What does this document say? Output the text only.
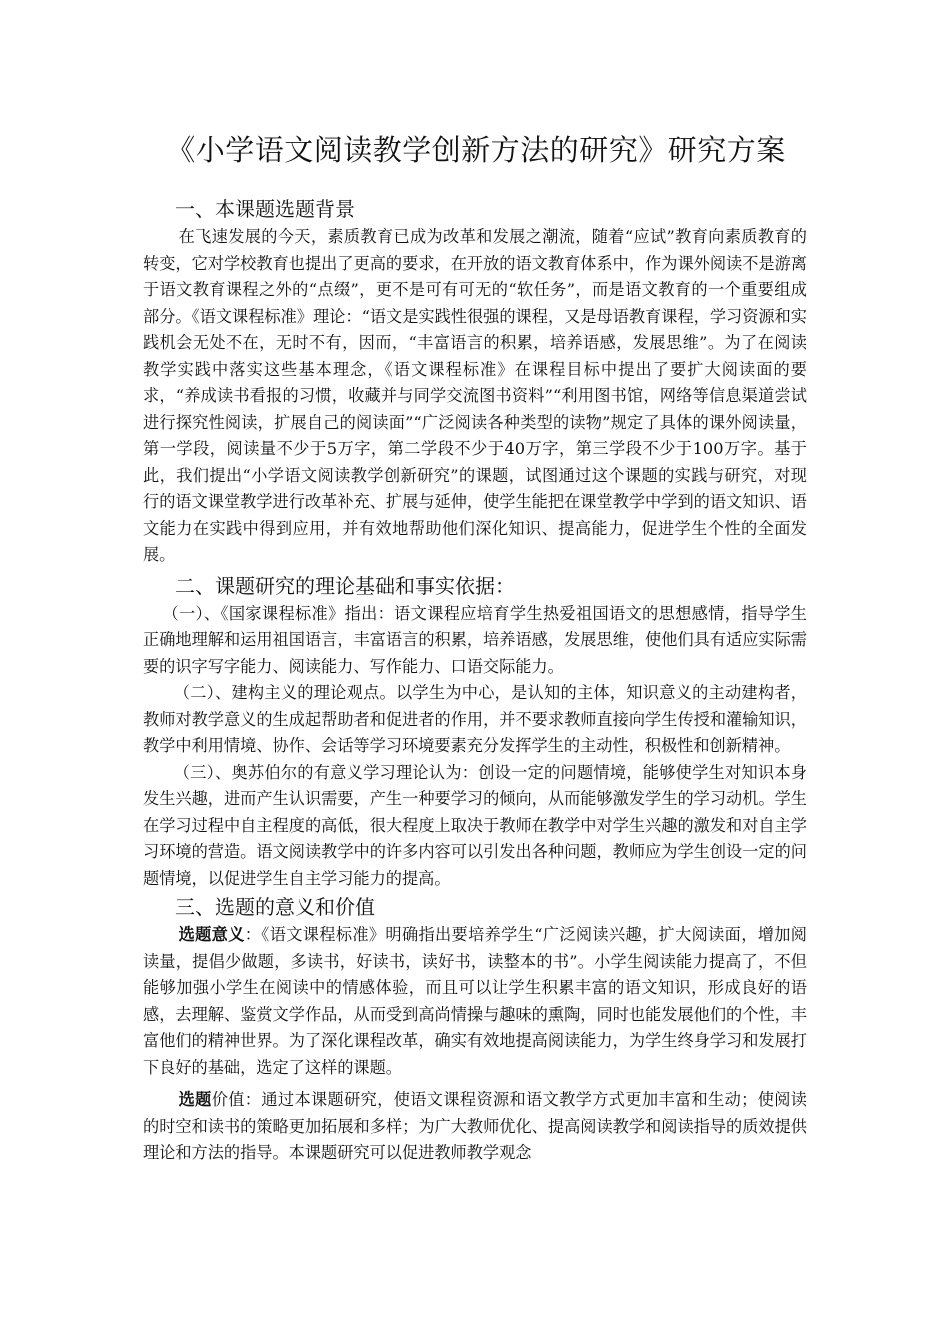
《小学语文阅读教学创新方法的研究》研究方案
一、本课题选题背景

在飞速发展的今天，素质教育已成为改革和发展之潮流，随着“应试”教育向素质教育的转变，它对学校教育也提出了更高的要求，在开放的语文教育体系中，作为课外阅读不是游离于语文教育课程之外的“点缀”，更不是可有可无的“软任务”，而是语文教育的一个重要组成部分。《语文课程标准》理论：“语文是实践性很强的课程，又是母语教育课程，学习资源和实践机会无处不在，无时不有，因而，“丰富语言的积累，培养语感，发展思维”。为了在阅读教学实践中落实这些基本理念，《语文课程标准》在课程目标中提出了要扩大阅读面的要求，“养成读书看报的习惯，收藏并与同学交流图书资料”“利用图书馆，网络等信息渠道尝试进行探究性阅读，扩展自己的阅读面”“广泛阅读各种类型的读物”规定了具体的课外阅读量，第一学段，阅读量不少于5万字，第二学段不少于40万字，第三学段不少于100万字。基于此，我们提出“小学语文阅读教学创新研究”的课题，试图通过这个课题的实践与研究，对现行的语文课堂教学进行改革补充、扩展与延伸，使学生能把在课堂教学中学到的语文知识、语文能力在实践中得到应用，并有效地帮助他们深化知识、提高能力，促进学生个性的全面发展。

二、课题研究的理论基础和事实依据：

（一）、《国家课程标准》指出：语文课程应培育学生热爱祖国语文的思想感情，指导学生正确地理解和运用祖国语言，丰富语言的积累，培养语感，发展思维，使他们具有适应实际需要的识字写字能力、阅读能力、写作能力、口语交际能力。

（二）、建构主义的理论观点。以学生为中心，是认知的主体，知识意义的主动建构者，教师对教学意义的生成起帮助者和促进者的作用，并不要求教师直接向学生传授和灌输知识，教学中利用情境、协作、会话等学习环境要素充分发挥学生的主动性，积极性和创新精神。

（三）、奥苏伯尔的有意义学习理论认为：创设一定的问题情境，能够使学生对知识本身发生兴趣，进而产生认识需要，产生一种要学习的倾向，从而能够激发学生的学习动机。学生在学习过程中自主程度的高低，很大程度上取决于教师在教学中对学生兴趣的激发和对自主学习环境的营造。语文阅读教学中的许多内容可以引发出各种问题，教师应为学生创设一定的问题情境，以促进学生自主学习能力的提高。

三、选题的意义和价值

选题意义：《语文课程标准》明确指出要培养学生“广泛阅读兴趣，扩大阅读面，增加阅读量，提倡少做题，多读书，好读书，读好书，读整本的书”。小学生阅读能力提高了，不但能够加强小学生在阅读中的情感体验，而且可以让学生积累丰富的语文知识，形成良好的语感，去理解、鉴赏文学作品，从而受到高尚情操与趣味的熏陶，同时也能发展他们的个性，丰富他们的精神世界。为了深化课程改革，确实有效地提高阅读能力，为学生终身学习和发展打下良好的基础，选定了这样的课题。

选题价值：通过本课题研究，使语文课程资源和语文教学方式更加丰富和生动；使阅读的时空和读书的策略更加拓展和多样；为广大教师优化、提高阅读教学和阅读指导的质效提供理论和方法的指导。本课题研究可以促进教师教学观念
